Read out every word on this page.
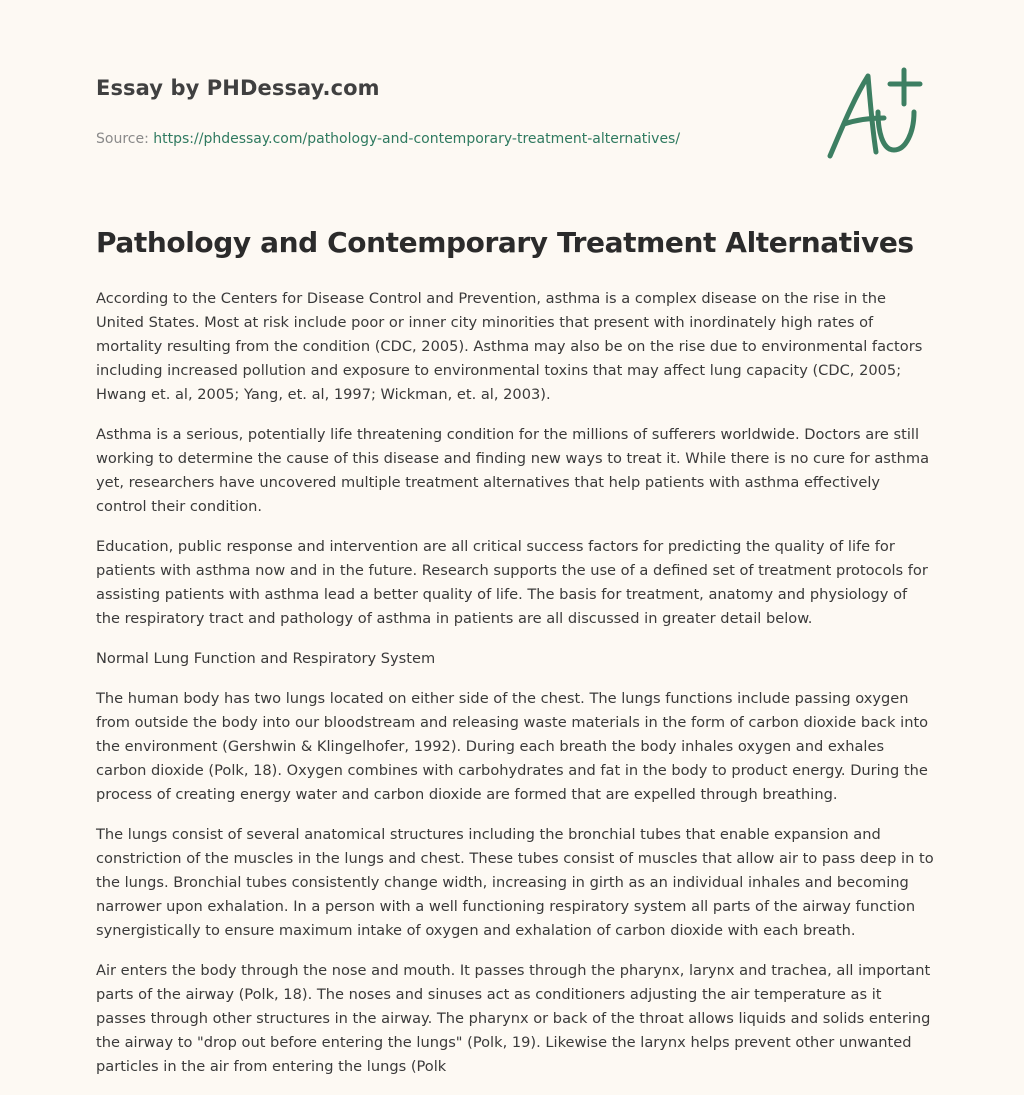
Essay by PHDessay.com
Source: https://phdessay.com/pathology-and-contemporary-treatment-alternatives/
Pathology and Contemporary Treatment Alternatives

According to the Centers for Disease Control and Prevention, asthma is a complex disease on the rise in the United States. Most at risk include poor or inner city minorities that present with inordinately high rates of mortality resulting from the condition (CDC, 2005). Asthma may also be on the rise due to environmental factors including increased pollution and exposure to environmental toxins that may affect lung capacity (CDC, 2005; Hwang et. al, 2005; Yang, et. al, 1997; Wickman, et. al, 2003).

Asthma is a serious, potentially life threatening condition for the millions of sufferers worldwide. Doctors are still working to determine the cause of this disease and finding new ways to treat it. While there is no cure for asthma yet, researchers have uncovered multiple treatment alternatives that help patients with asthma effectively control their condition.

Education, public response and intervention are all critical success factors for predicting the quality of life for patients with asthma now and in the future. Research supports the use of a defined set of treatment protocols for assisting patients with asthma lead a better quality of life. The basis for treatment, anatomy and physiology of the respiratory tract and pathology of asthma in patients are all discussed in greater detail below.

Normal Lung Function and Respiratory System

The human body has two lungs located on either side of the chest. The lungs functions include passing oxygen from outside the body into our bloodstream and releasing waste materials in the form of carbon dioxide back into the environment (Gershwin & Klingelhofer, 1992). During each breath the body inhales oxygen and exhales carbon dioxide (Polk, 18). Oxygen combines with carbohydrates and fat in the body to product energy. During the process of creating energy water and carbon dioxide are formed that are expelled through breathing.

The lungs consist of several anatomical structures including the bronchial tubes that enable expansion and constriction of the muscles in the lungs and chest. These tubes consist of muscles that allow air to pass deep in to the lungs. Bronchial tubes consistently change width, increasing in girth as an individual inhales and becoming narrower upon exhalation. In a person with a well functioning respiratory system all parts of the airway function synergistically to ensure maximum intake of oxygen and exhalation of carbon dioxide with each breath.

Air enters the body through the nose and mouth. It passes through the pharynx, larynx and trachea, all important parts of the airway (Polk, 18). The noses and sinuses act as conditioners adjusting the air temperature as it passes through other structures in the airway. The pharynx or back of the throat allows liquids and solids entering the airway to "drop out before entering the lungs" (Polk, 19). Likewise the larynx helps prevent other unwanted particles in the air from entering the lungs (Polk
